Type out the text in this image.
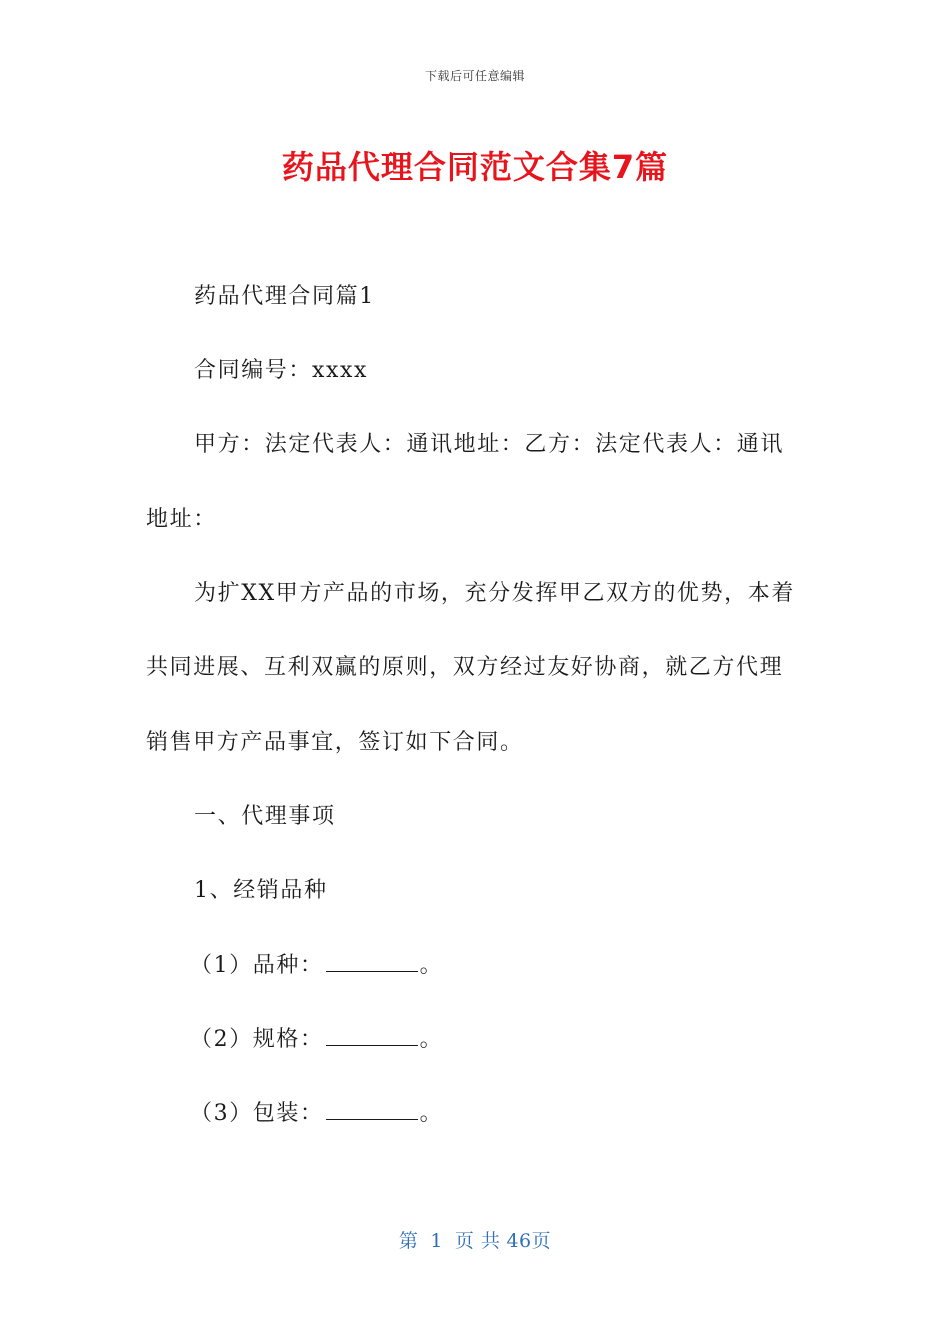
下载后可任意编辑
药品代理合同范文合集7篇
药品代理合同篇1
合同编号：xxxx
甲方：法定代表人：通讯地址：乙方：法定代表人：通讯
地址：
为扩XX甲方产品的市场，充分发挥甲乙双方的优势，本着
共同进展、互利双赢的原则，双方经过友好协商，就乙方代理
销售甲方产品事宜，签订如下合同。
一、代理事项
1、经销品种
（1）品种：	。
（2）规格：	。
（3）包装：	。
第 1 页 共 46页
